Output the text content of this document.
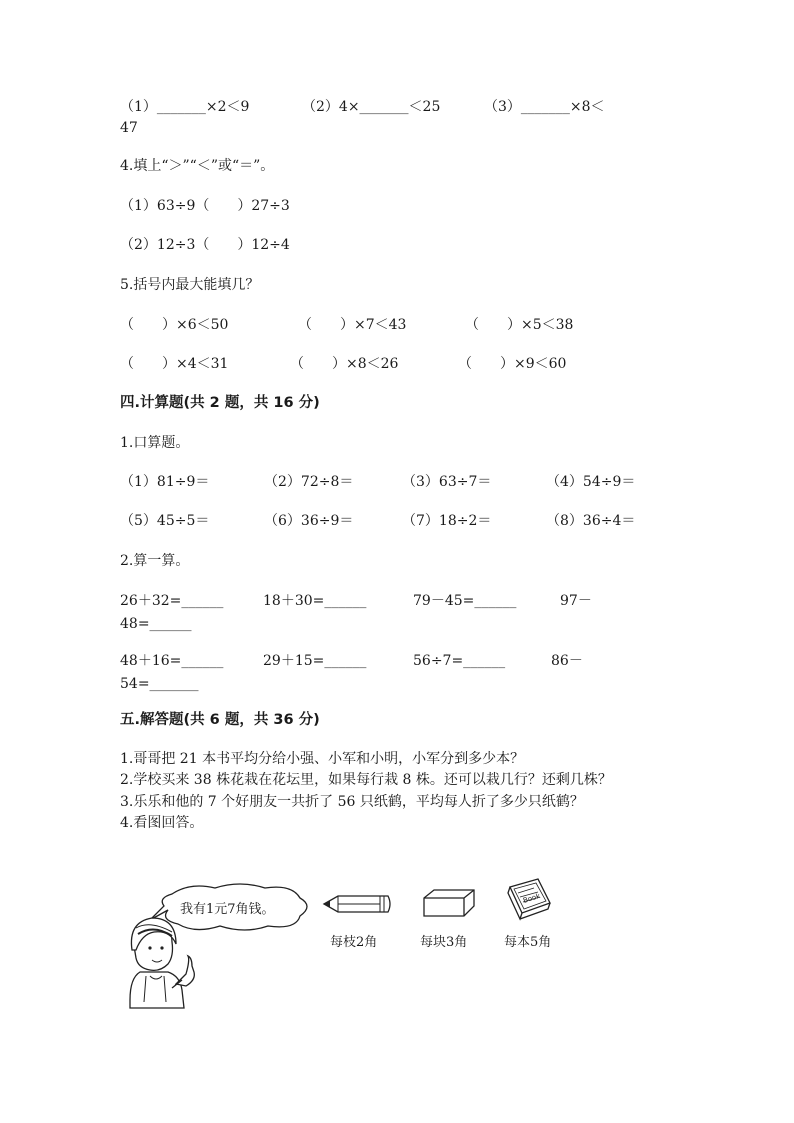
（1）_______×2＜9	（2）4×_______＜25	（3）_______×8＜
47
4.填上“＞”“＜”或“＝”。
（1）63÷9（　　）27÷3
（2）12÷3（　　）12÷4
5.括号内最大能填几？
（　　）×6＜50	（　　）×7＜43	（　　）×5＜38
（　　）×4＜31	（　　）×8＜26	（　　）×9＜60
四.计算题(共 2 题，共 16 分)
1.口算题。
（1）81÷9＝	（2）72÷8＝	（3）63÷7＝	（4）54÷9＝
（5）45÷5＝	（6）36÷9＝	（7）18÷2＝	（8）36÷4＝
2.算一算。
26＋32=______	18＋30=______	79－45=______	97－
48=______
48＋16=______	29＋15=______	56÷7=______	86－
54=_______
五.解答题(共 6 题，共 36 分)
1.哥哥把 21 本书平均分给小强、小军和小明，小军分到多少本？
2.学校买来 38 株花栽在花坛里，如果每行栽 8 株。还可以栽几行？还剩几株？
3.乐乐和他的 7 个好朋友一共折了 56 只纸鹤，平均每人折了多少只纸鹤？
4.看图回答。
我有1元7角钱。
每枝2角	每块3角
Book
每本5角
